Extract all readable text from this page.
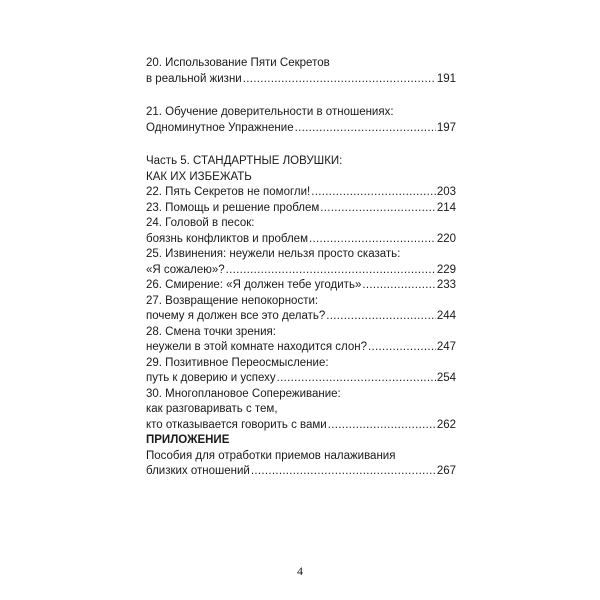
20. Использование Пяти Секретов
в реальной жизни .....	191
21. Обучение доверительности в отношениях:
Одноминутное Упражнение .....	197
Часть 5. СТАНДАРТНЫЕ ЛОВУШКИ:
КАК ИХ ИЗБЕЖАТЬ
22. Пять Секретов не помогли! .....	203
23. Помощь и решение проблем .....	214
24. Головой в песок:
боязнь конфликтов и проблем .....	220
25. Извинения: неужели нельзя просто сказать:
«Я сожалею»? .....	229
26. Смирение: «Я должен тебе угодить» .....	233
27. Возвращение непокорности:
почему я должен все это делать? .....	244
28. Смена точки зрения:
неужели в этой комнате находится слон? .....	247
29. Позитивное Переосмысление:
путь к доверию и успеху .....	254
30. Многоплановое Сопереживание:
как разговаривать с тем,
кто отказывается говорить с вами .....	262
ПРИЛОЖЕНИЕ
Пособия для отработки приемов налаживания
близких отношений .....	267
4
